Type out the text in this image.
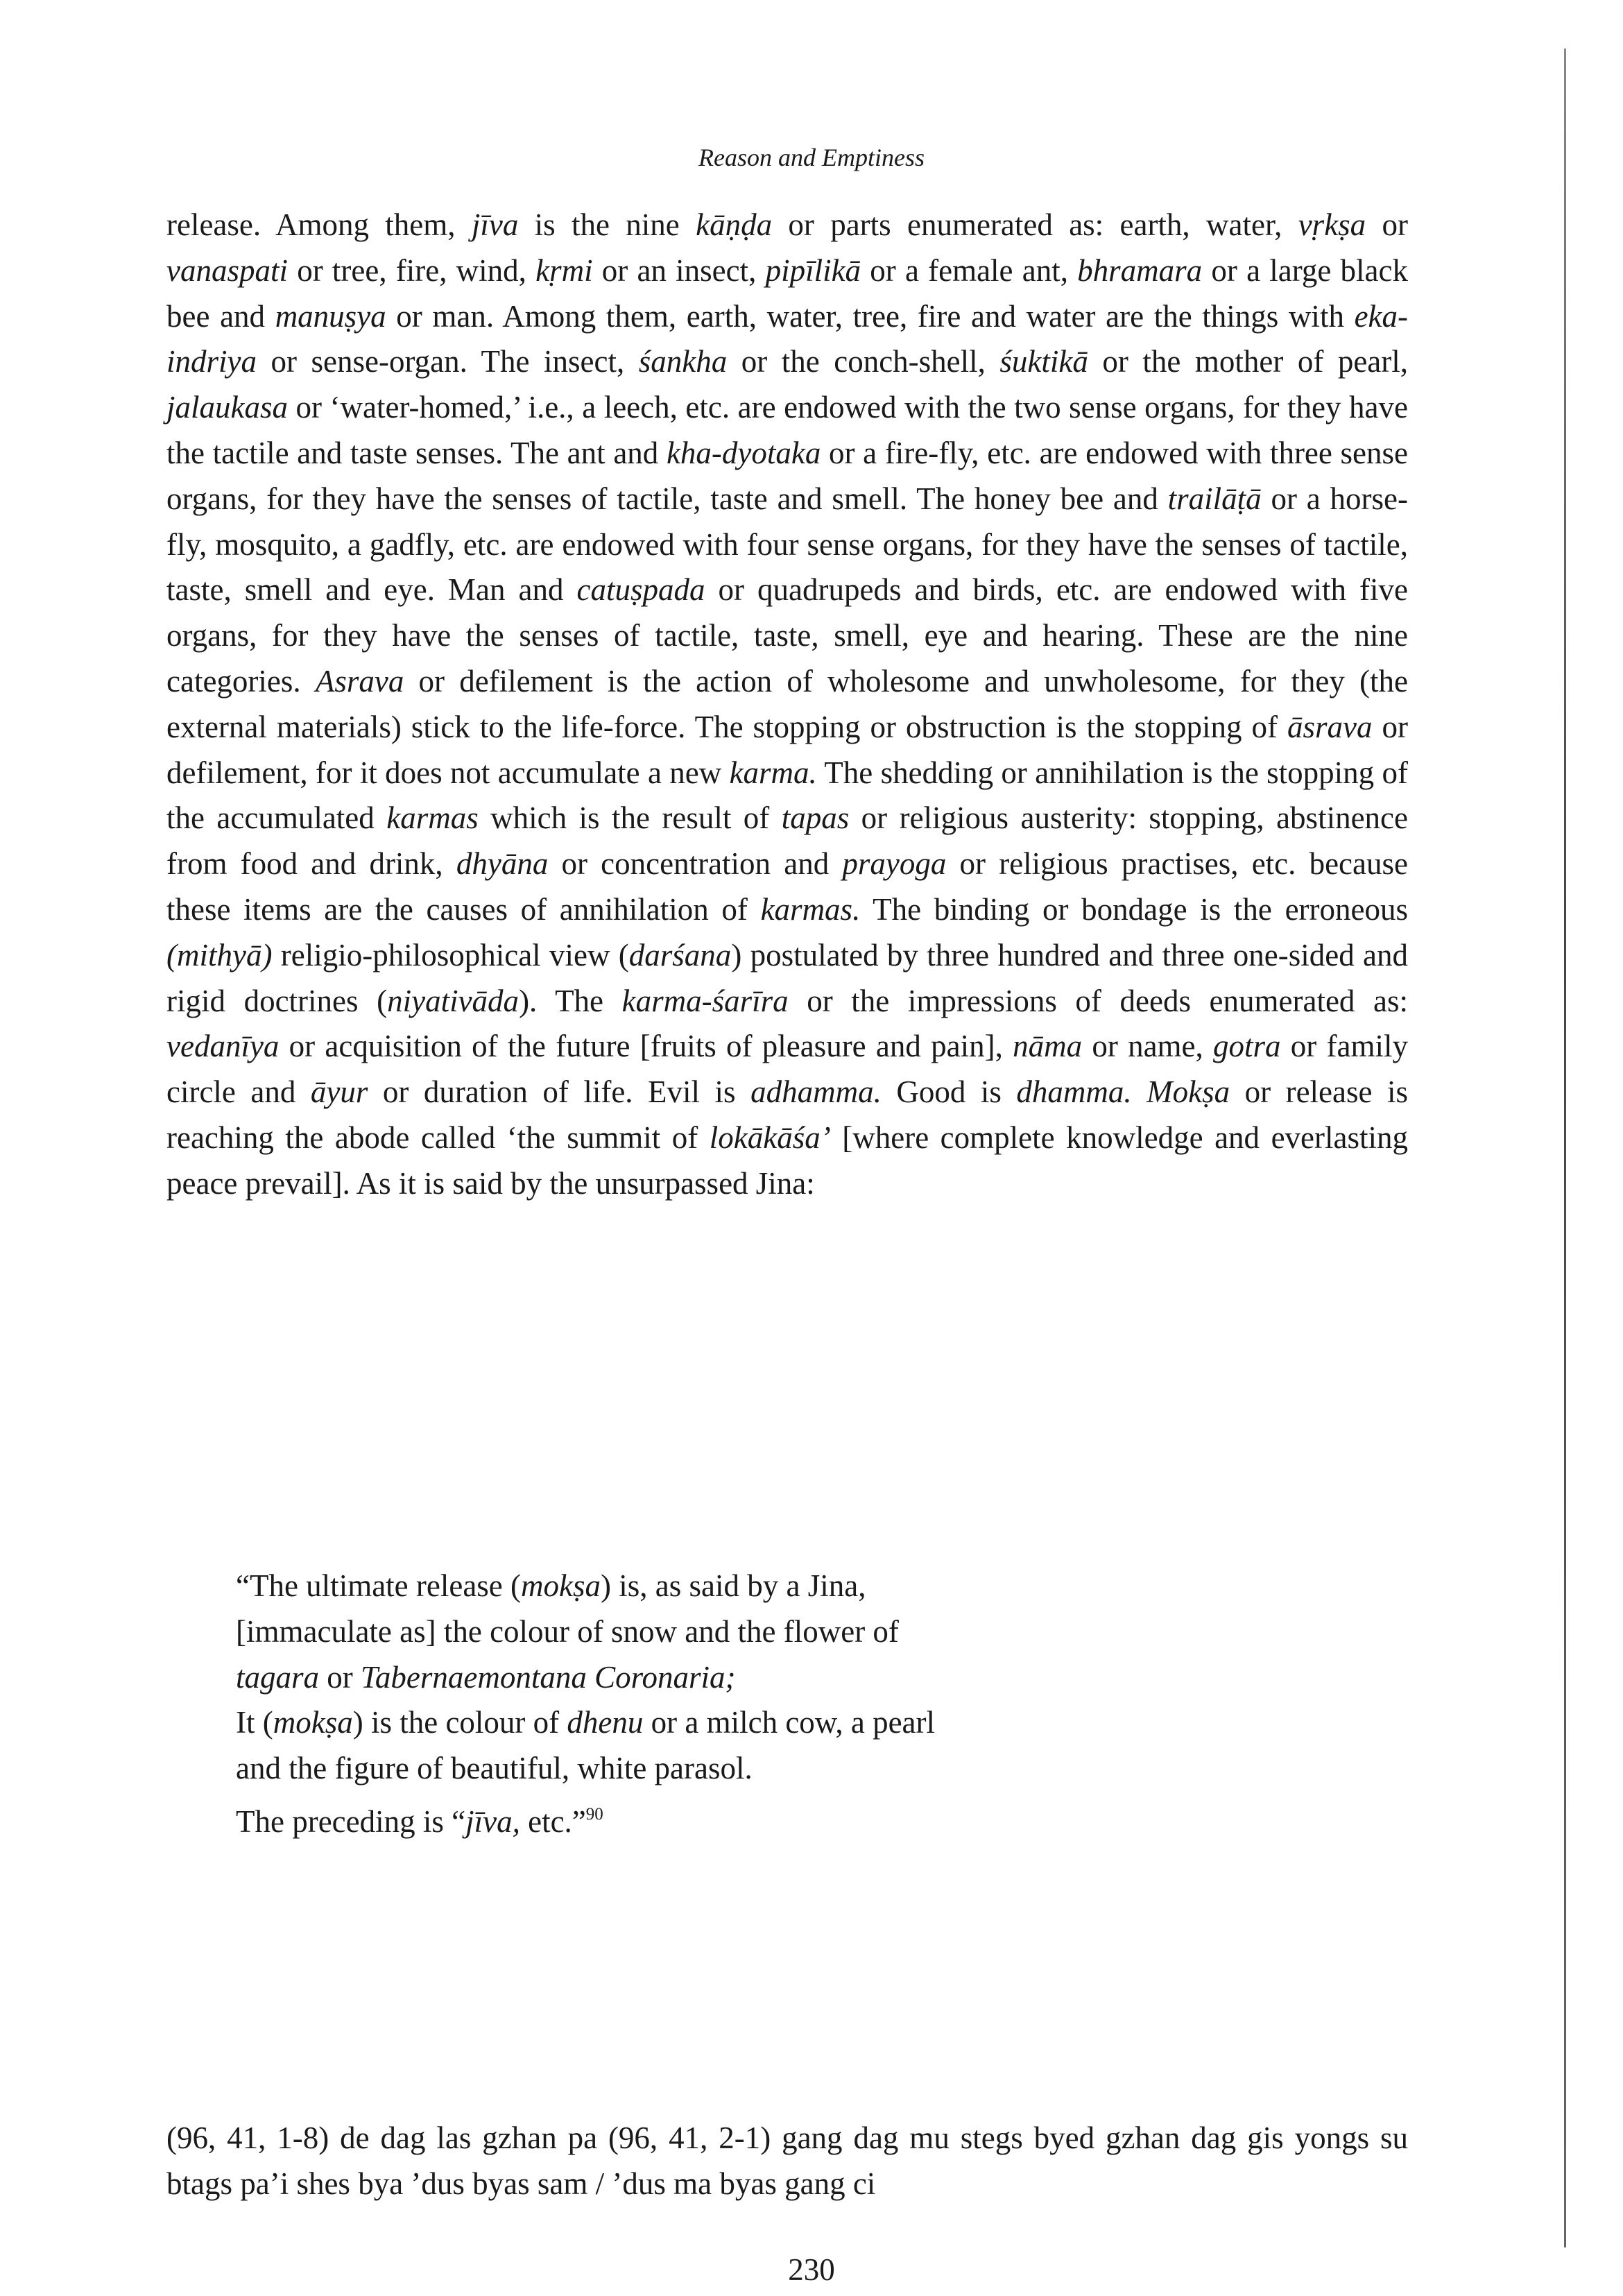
Reason and Emptiness

release. Among them, jīva is the nine kāṇḍa or parts enumerated as: earth, water, vṛkṣa or vanaspati or tree, fire, wind, kṛmi or an insect, pipīlikā or a female ant, bhramara or a large black bee and manuṣya or man. Among them, earth, water, tree, fire and water are the things with eka-indriya or sense-organ. The insect, śankha or the conch-shell, śuktikā or the mother of pearl, jalaukasa or ‘water-homed,’ i.e., a leech, etc. are endowed with the two sense organs, for they have the tactile and taste senses. The ant and kha-dyotaka or a fire-fly, etc. are endowed with three sense organs, for they have the senses of tactile, taste and smell. The honey bee and trailāṭā or a horse-fly, mosquito, a gadfly, etc. are endowed with four sense organs, for they have the senses of tactile, taste, smell and eye. Man and catuṣpada or quadrupeds and birds, etc. are endowed with five organs, for they have the senses of tactile, taste, smell, eye and hearing. These are the nine categories. Asrava or defilement is the action of wholesome and unwholesome, for they (the external materials) stick to the life-force. The stopping or obstruction is the stopping of āsrava or defilement, for it does not accumulate a new karma. The shedding or annihilation is the stopping of the accumulated karmas which is the result of tapas or religious austerity: stopping, abstinence from food and drink, dhyāna or concentration and prayoga or religious practises, etc. because these items are the causes of annihilation of karmas. The binding or bondage is the erroneous (mithyā) religio-philosophical view (darśana) postulated by three hundred and three one-sided and rigid doctrines (niyativāda). The karma-śarīra or the impressions of deeds enumerated as: vedanīya or acquisition of the future [fruits of pleasure and pain], nāma or name, gotra or family circle and āyur or duration of life. Evil is adhamma. Good is dhamma. Mokṣa or release is reaching the abode called ‘the summit of lokākāśa’ [where complete knowledge and everlasting peace prevail]. As it is said by the unsurpassed Jina:

“The ultimate release (mokṣa) is, as said by a Jina,
[immaculate as] the colour of snow and the flower of
tagara or Tabernaemontana Coronaria;
It (mokṣa) is the colour of dhenu or a milch cow, a pearl
and the figure of beautiful, white parasol.
The preceding is “jīva, etc.”$^{90}$

(96, 41, 1-8) de dag las gzhan pa (96, 41, 2-1) gang dag mu stegs byed gzhan dag gis yongs su btags pa’i shes bya ’dus byas sam / ’dus ma byas gang ci

230
